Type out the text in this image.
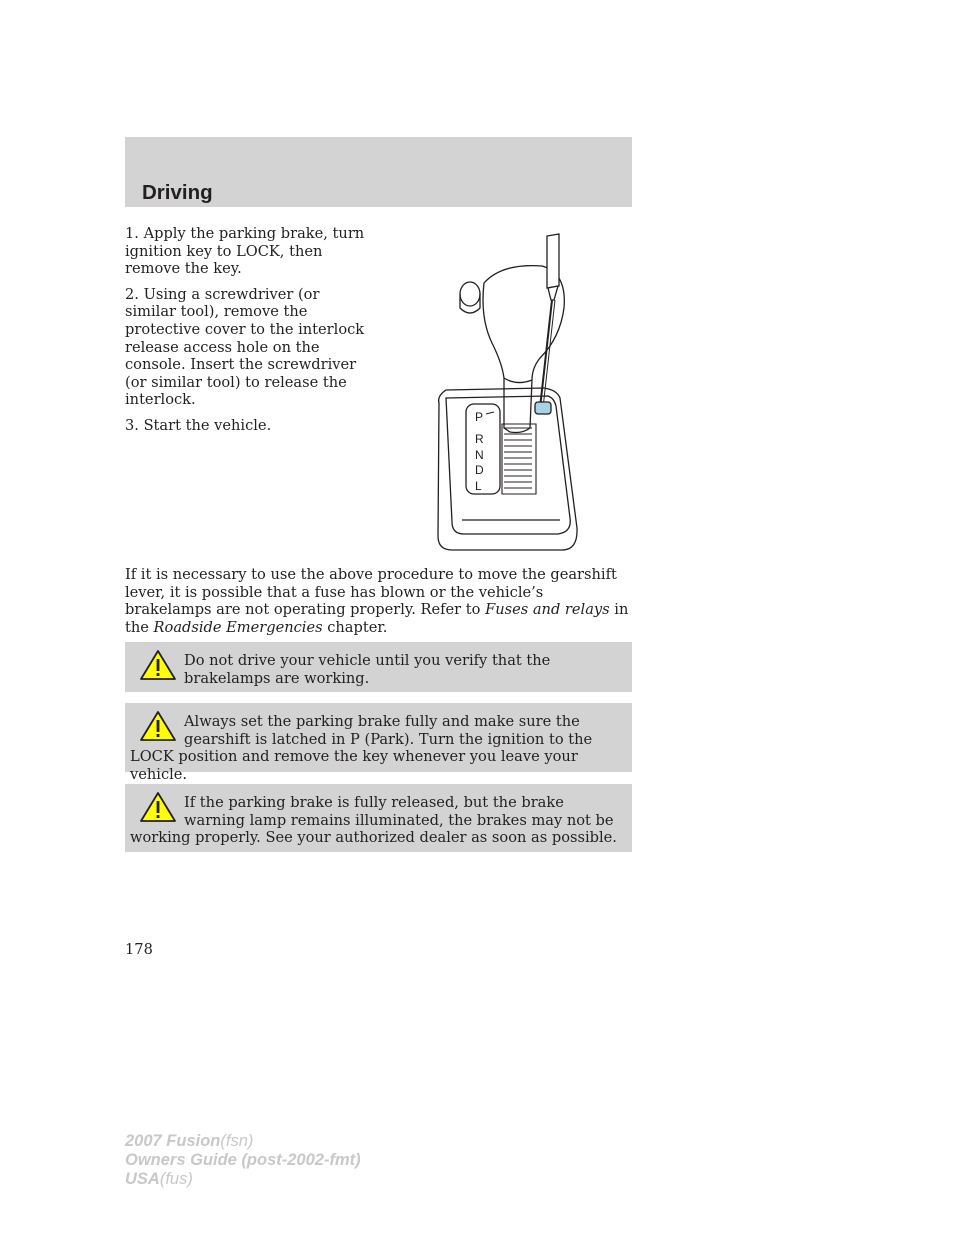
Driving

1. Apply the parking brake, turn ignition key to LOCK, then remove the key.

2. Using a screwdriver (or similar tool), remove the protective cover to the interlock release access hole on the console. Insert the screwdriver (or similar tool) to release the interlock.

3. Start the vehicle.	P
R
N
D
L

If it is necessary to use the above procedure to move the gearshift lever, it is possible that a fuse has blown or the vehicle’s brakelamps are not operating properly. Refer to Fuses and relays in the Roadside Emergencies chapter.

Do not drive your vehicle until you verify that the brakelamps are working.

Always set the parking brake fully and make sure the gearshift is latched in P (Park). Turn the ignition to the LOCK position and remove the key whenever you leave your vehicle.

If the parking brake is fully released, but the brake warning lamp remains illuminated, the brakes may not be working properly. See your authorized dealer as soon as possible.

178
2007 Fusion(fsn)
Owners Guide (post-2002-fmt)
USA(fus)
